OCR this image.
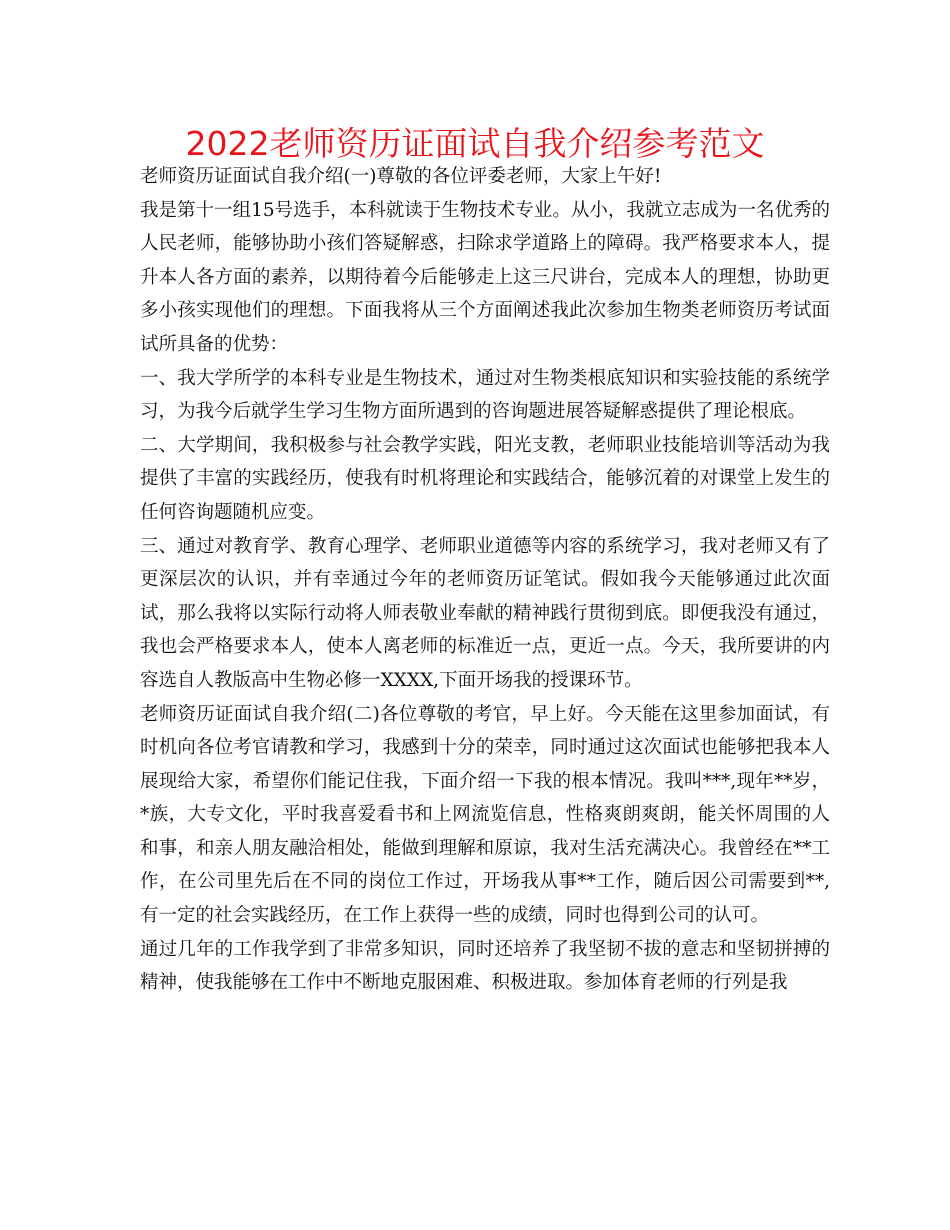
2022老师资历证面试自我介绍参考范文

老师资历证面试自我介绍(一)尊敬的各位评委老师，大家上午好!

我是第十一组15号选手，本科就读于生物技术专业。从小，我就立志成为一名优秀的人民老师，能够协助小孩们答疑解惑，扫除求学道路上的障碍。我严格要求本人，提升本人各方面的素养，以期待着今后能够走上这三尺讲台，完成本人的理想，协助更多小孩实现他们的理想。下面我将从三个方面阐述我此次参加生物类老师资历考试面试所具备的优势：

一、我大学所学的本科专业是生物技术，通过对生物类根底知识和实验技能的系统学习，为我今后就学生学习生物方面所遇到的咨询题进展答疑解惑提供了理论根底。

二、大学期间，我积极参与社会教学实践，阳光支教，老师职业技能培训等活动为我提供了丰富的实践经历，使我有时机将理论和实践结合，能够沉着的对课堂上发生的任何咨询题随机应变。

三、通过对教育学、教育心理学、老师职业道德等内容的系统学习，我对老师又有了更深层次的认识，并有幸通过今年的老师资历证笔试。假如我今天能够通过此次面试，那么我将以实际行动将人师表敬业奉献的精神践行贯彻到底。即便我没有通过，我也会严格要求本人，使本人离老师的标准近一点，更近一点。今天，我所要讲的内容选自人教版高中生物必修一XXXX,下面开场我的授课环节。

老师资历证面试自我介绍(二)各位尊敬的考官，早上好。今天能在这里参加面试，有时机向各位考官请教和学习，我感到十分的荣幸，同时通过这次面试也能够把我本人展现给大家，希望你们能记住我，下面介绍一下我的根本情况。我叫***,现年**岁，*族，大专文化，平时我喜爱看书和上网流览信息，性格爽朗爽朗，能关怀周围的人和事，和亲人朋友融洽相处，能做到理解和原谅，我对生活充满决心。我曾经在**工作，在公司里先后在不同的岗位工作过，开场我从事**工作，随后因公司需要到**,有一定的社会实践经历，在工作上获得一些的成绩，同时也得到公司的认可。

通过几年的工作我学到了非常多知识，同时还培养了我坚韧不拔的意志和坚韧拼搏的精神，使我能够在工作中不断地克服困难、积极进取。参加体育老师的行列是我
